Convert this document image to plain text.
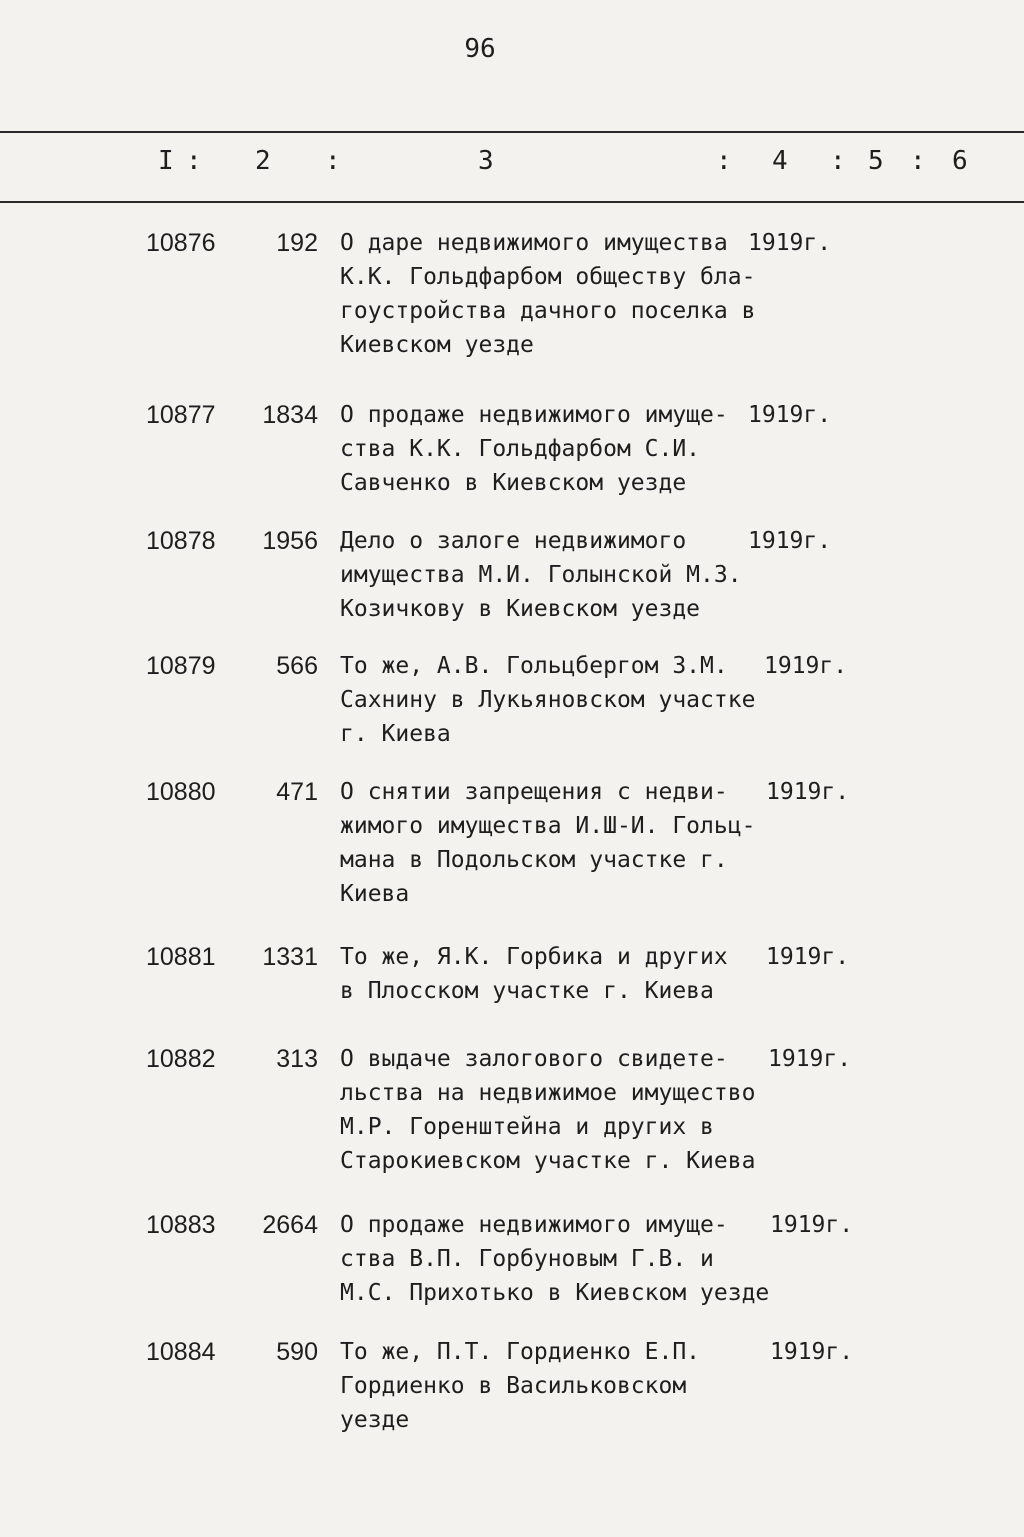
96
I : 2 :	3	: 4 : 5 : 6
10876	192 О даре недвижимого имущества
К.К. Гольдфарбом обществу бла-
гоустройства дачного поселка в
Киевском уезде
1919г.
10877	1834 О продаже недвижимого имуще-
ства К.К. Гольдфарбом С.И.
Савченко в Киевском уезде
1919г.
10878	1956 Дело о залоге недвижимого
имущества М.И. Голынской М.З.
Козичкову в Киевском уезде
1919г.
10879	566 То же, А.В. Гольцбергом З.М.
Сахнину в Лукьяновском участке
г. Киева
1919г.
10880	471 О снятии запрещения с недви-
жимого имущества И.Ш-И. Гольц-
мана в Подольском участке г.
Киева
1919г.
10881	1331 То же, Я.К. Горбика и других
в Плосском участке г. Киева
1919г.
10882	313 О выдаче залогового свидете-
льства на недвижимое имущество
М.Р. Горенштейна и других в
Старокиевском участке г. Киева
1919г.
10883	2664 О продаже недвижимого имуще-
ства В.П. Горбуновым Г.В. и
М.С. Прихотько в Киевском уезде
1919г.
10884	590 То же, П.Т. Гордиенко Е.П.
Гордиенко в Васильковском
уезде
1919г.
